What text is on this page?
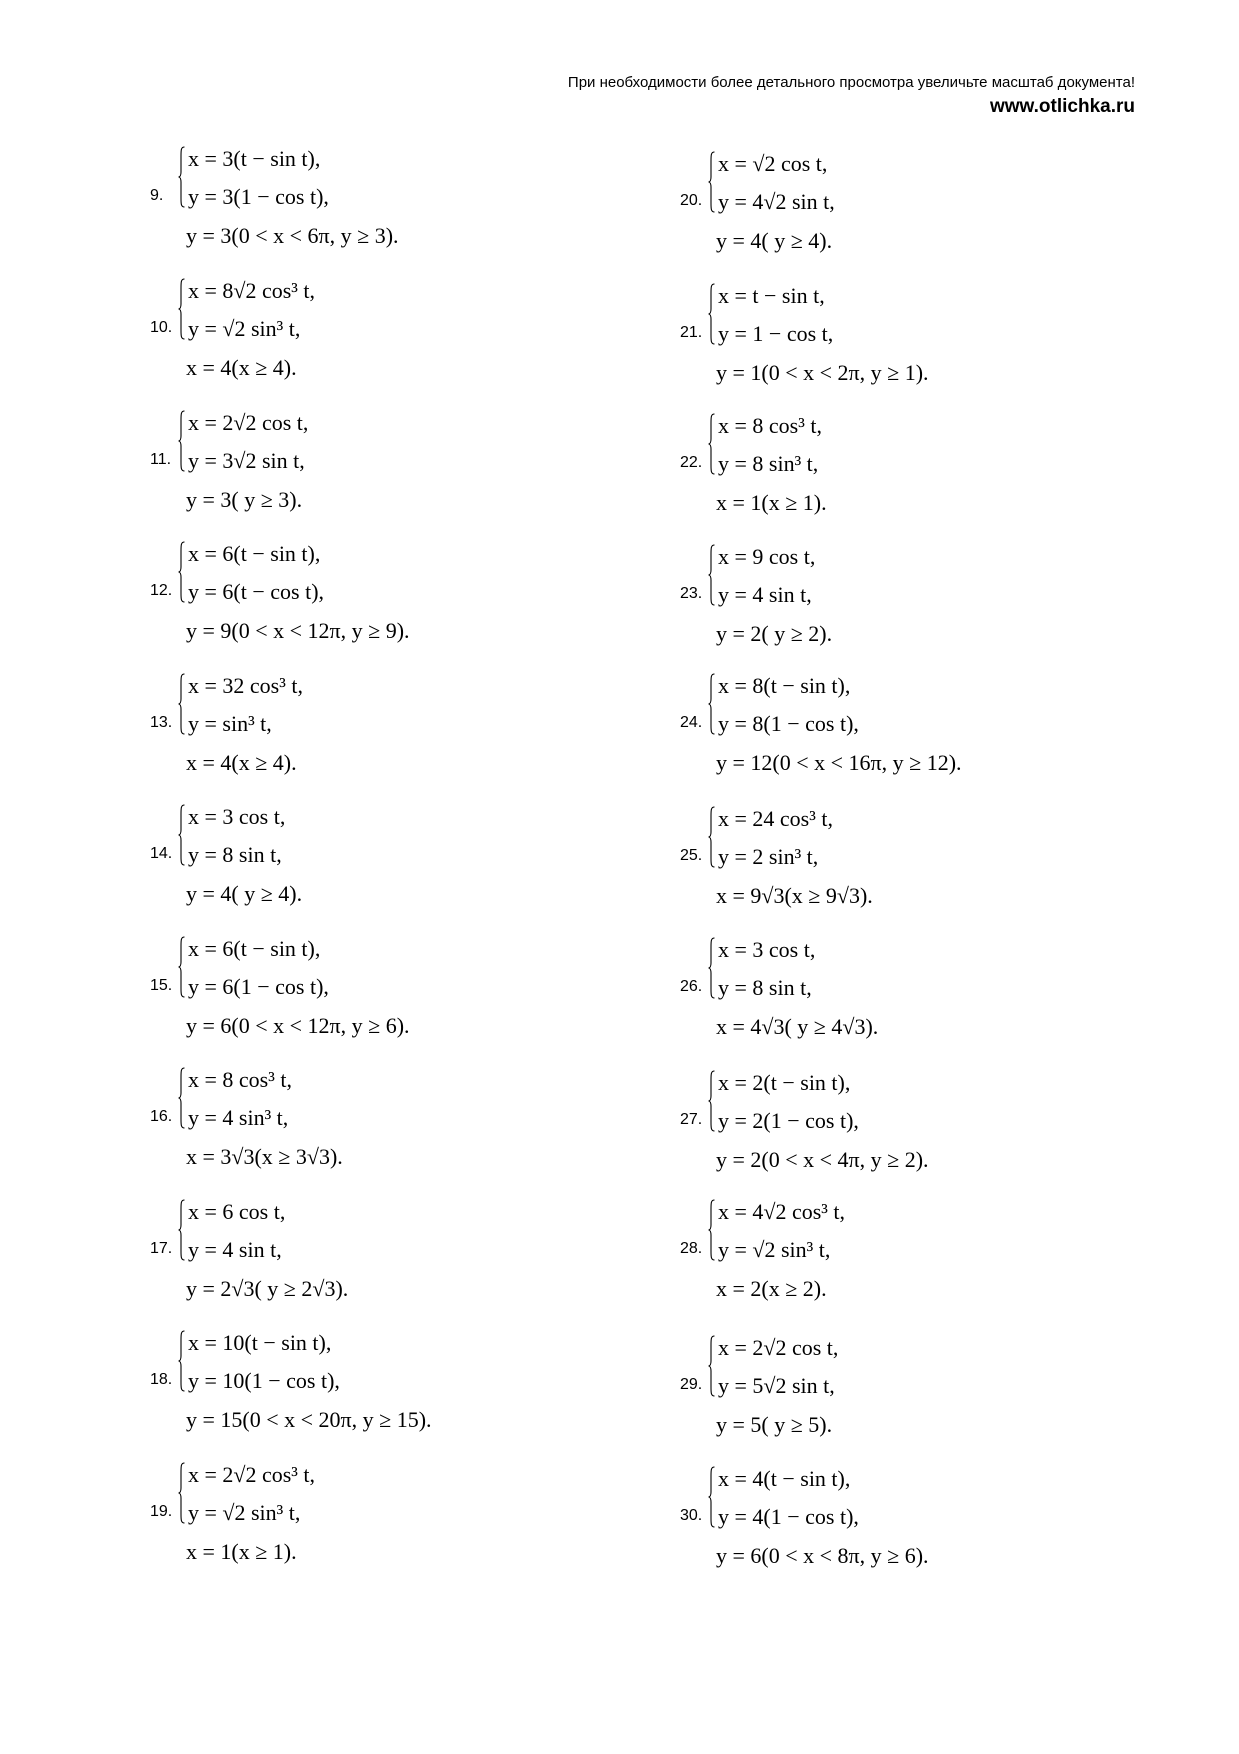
При необходимости более детального просмотра увеличьте масштаб документа!
www.otlichka.ru
9.
x = 3(t − sin t),
y = 3(1 − cos t),
y = 3(0 < x < 6π, y ≥ 3).
10.
x = 8√2 cos³ t,
y = √2 sin³ t,
x = 4(x ≥ 4).
11.
x = 2√2 cos t,
y = 3√2 sin t,
y = 3( y ≥ 3).
12.
x = 6(t − sin t),
y = 6(t − cos t),
y = 9(0 < x < 12π, y ≥ 9).
13.
x = 32 cos³ t,
y = sin³ t,
x = 4(x ≥ 4).
14.
x = 3 cos t,
y = 8 sin t,
y = 4( y ≥ 4).
15.
x = 6(t − sin t),
y = 6(1 − cos t),
y = 6(0 < x < 12π, y ≥ 6).
16.
x = 8 cos³ t,
y = 4 sin³ t,
x = 3√3(x ≥ 3√3).
17.
x = 6 cos t,
y = 4 sin t,
y = 2√3( y ≥ 2√3).
18.
x = 10(t − sin t),
y = 10(1 − cos t),
y = 15(0 < x < 20π, y ≥ 15).
19.
x = 2√2 cos³ t,
y = √2 sin³ t,
x = 1(x ≥ 1).
20.
x = √2 cos t,
y = 4√2 sin t,
y = 4( y ≥ 4).
21.
x = t − sin t,
y = 1 − cos t,
y = 1(0 < x < 2π, y ≥ 1).
22.
x = 8 cos³ t,
y = 8 sin³ t,
x = 1(x ≥ 1).
23.
x = 9 cos t,
y = 4 sin t,
y = 2( y ≥ 2).
24.
x = 8(t − sin t),
y = 8(1 − cos t),
y = 12(0 < x < 16π, y ≥ 12).
25.
x = 24 cos³ t,
y = 2 sin³ t,
x = 9√3(x ≥ 9√3).
26.
x = 3 cos t,
y = 8 sin t,
x = 4√3( y ≥ 4√3).
27.
x = 2(t − sin t),
y = 2(1 − cos t),
y = 2(0 < x < 4π, y ≥ 2).
28.
x = 4√2 cos³ t,
y = √2 sin³ t,
x = 2(x ≥ 2).
29.
x = 2√2 cos t,
y = 5√2 sin t,
y = 5( y ≥ 5).
30.
x = 4(t − sin t),
y = 4(1 − cos t),
y = 6(0 < x < 8π, y ≥ 6).
